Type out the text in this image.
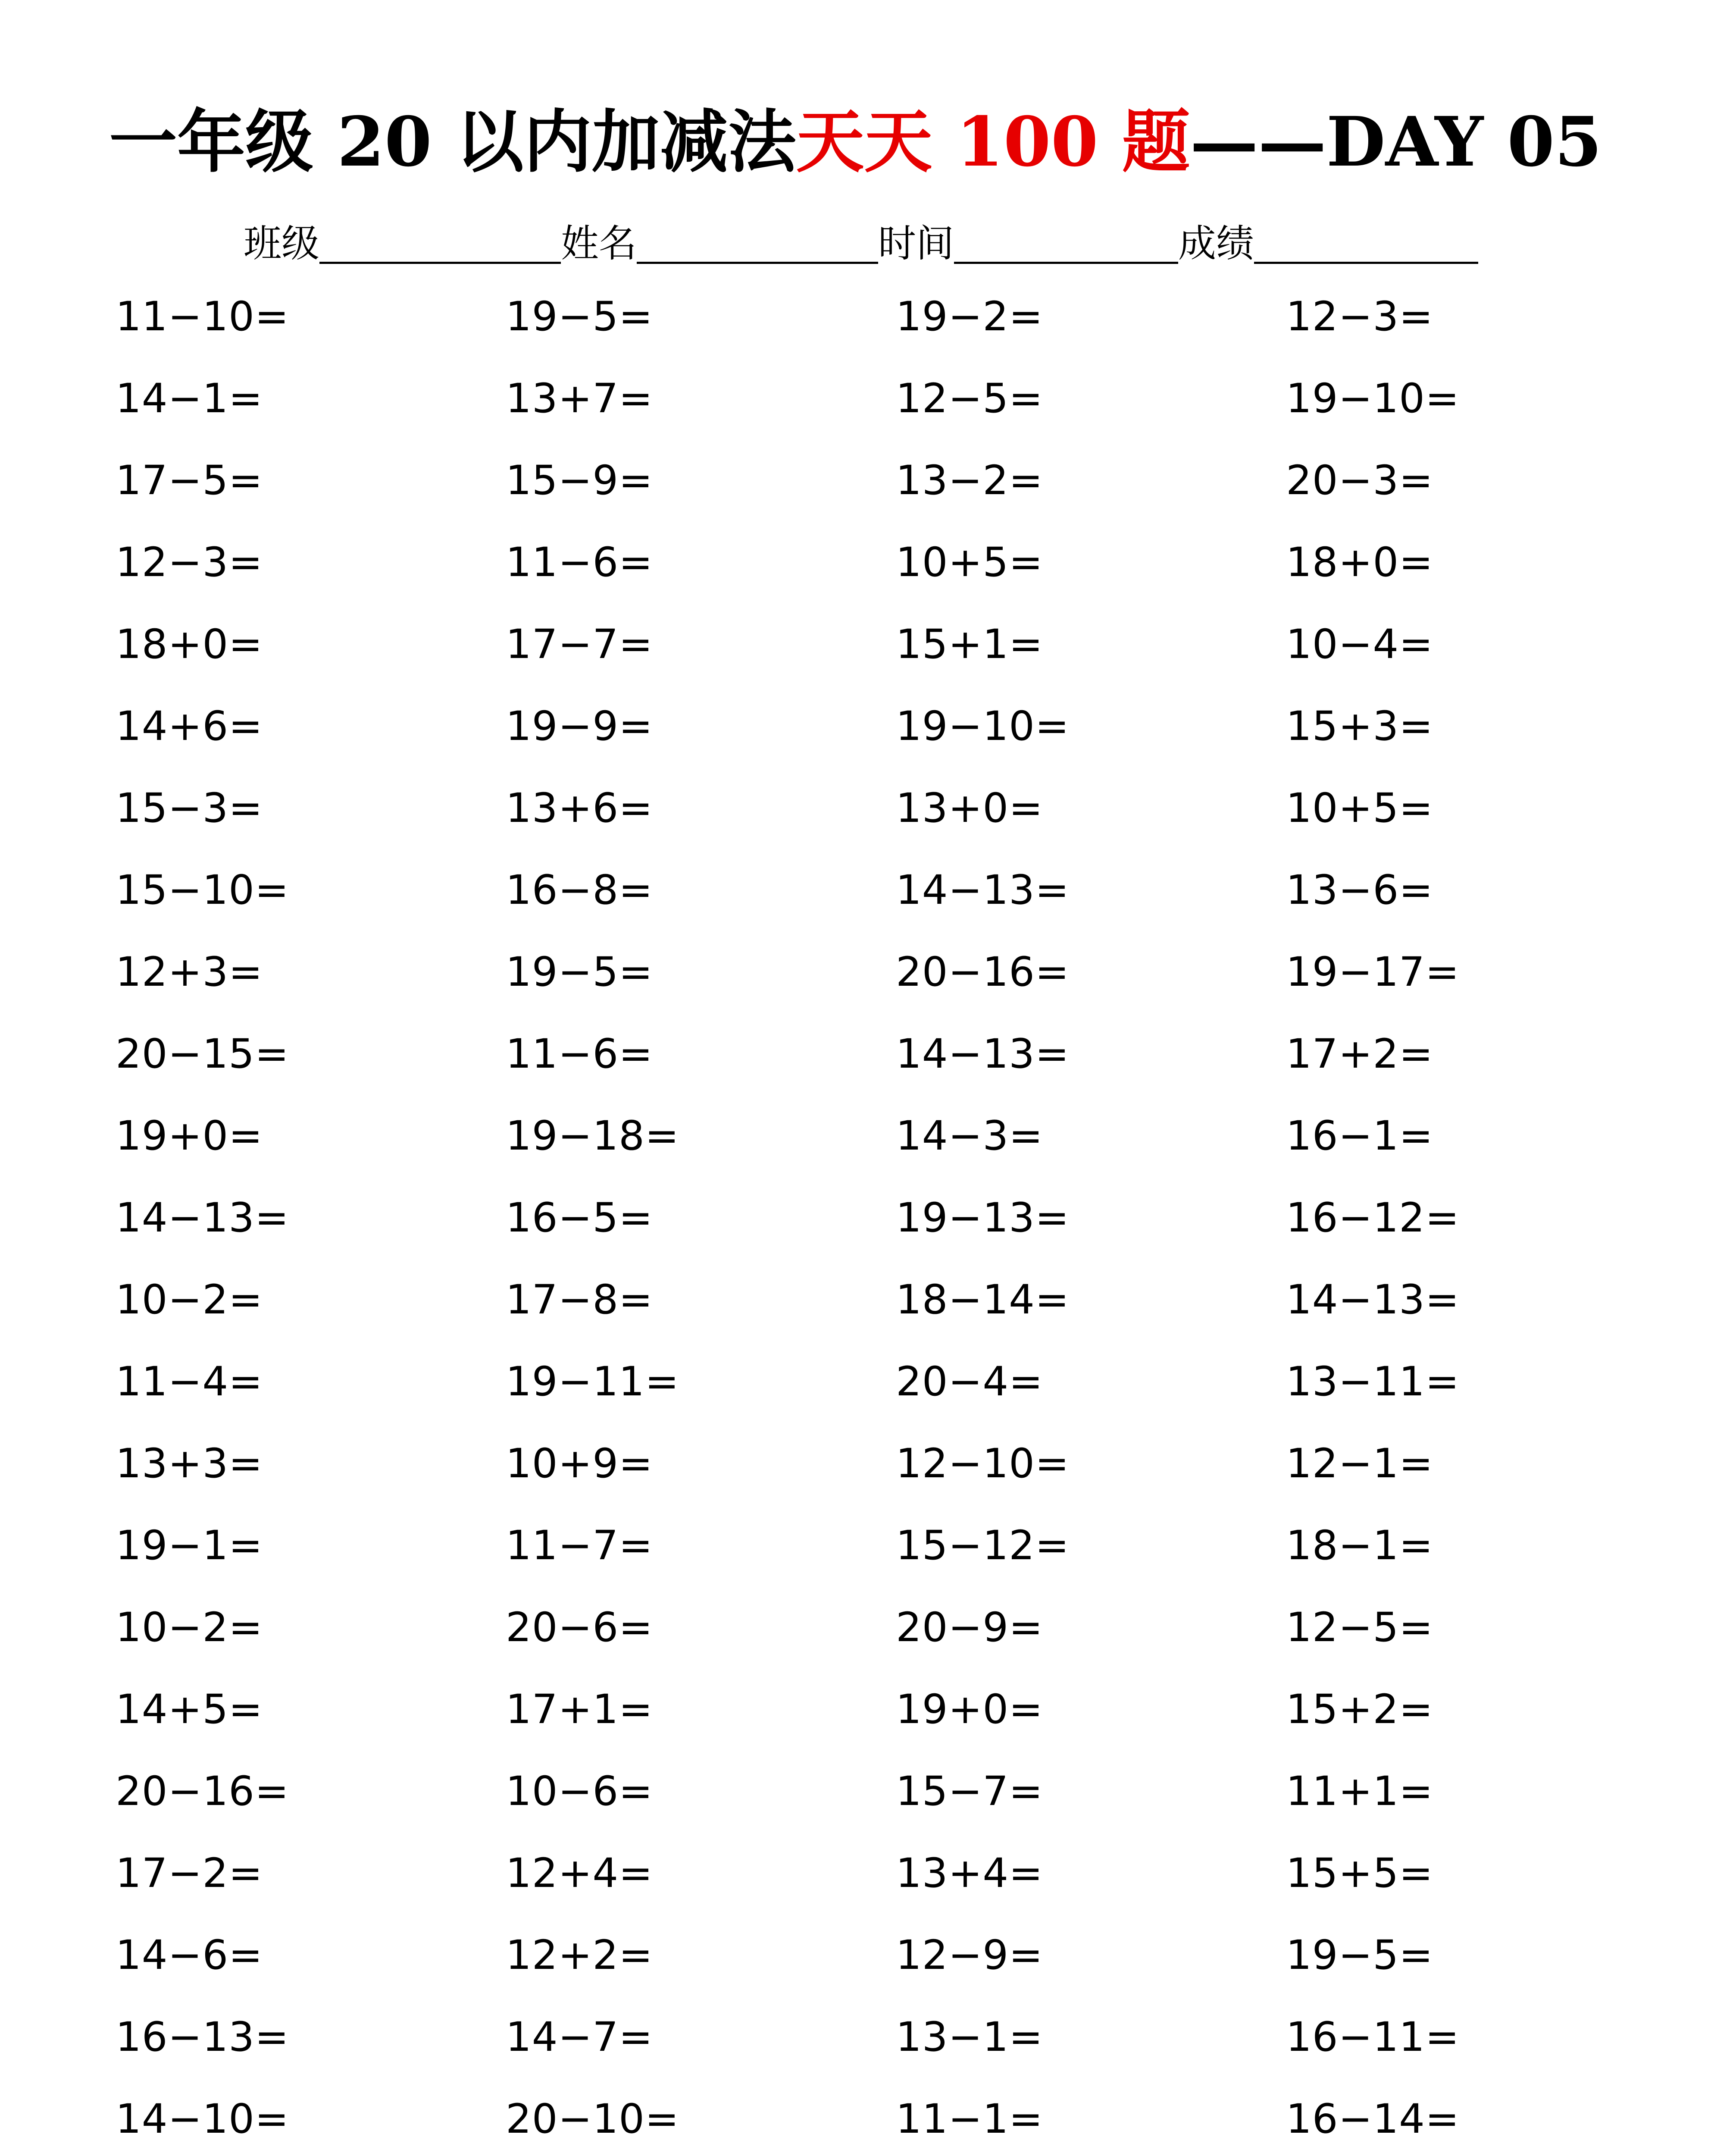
一年级 20 以内加减法天天 100 题——DAY 05
班级	姓名	时间	成绩
11−10=	19−5=	19−2=	12−3=
14−1=	13+7=	12−5=	19−10=
17−5=	15−9=	13−2=	20−3=
12−3=	11−6=	10+5=	18+0=
18+0=	17−7=	15+1=	10−4=
14+6=	19−9=	19−10=	15+3=
15−3=	13+6=	13+0=	10+5=
15−10=	16−8=	14−13=	13−6=
12+3=	19−5=	20−16=	19−17=
20−15=	11−6=	14−13=	17+2=
19+0=	19−18=	14−3=	16−1=
14−13=	16−5=	19−13=	16−12=
10−2=	17−8=	18−14=	14−13=
11−4=	19−11=	20−4=	13−11=
13+3=	10+9=	12−10=	12−1=
19−1=	11−7=	15−12=	18−1=
10−2=	20−6=	20−9=	12−5=
14+5=	17+1=	19+0=	15+2=
20−16=	10−6=	15−7=	11+1=
17−2=	12+4=	13+4=	15+5=
14−6=	12+2=	12−9=	19−5=
16−13=	14−7=	13−1=	16−11=
14−10=	20−10=	11−1=	16−14=
